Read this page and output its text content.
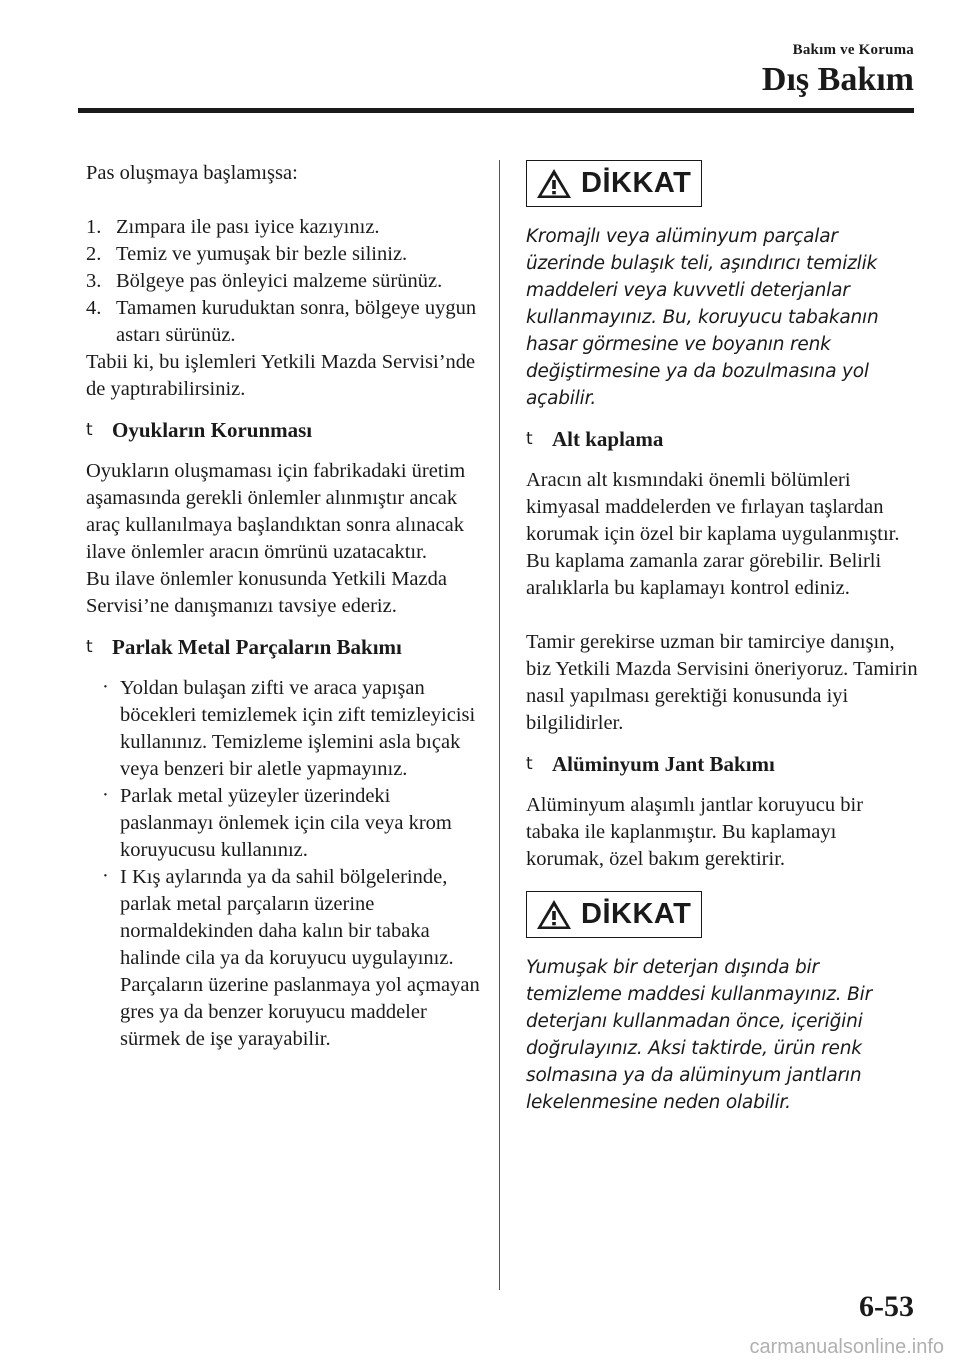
Bakım ve Koruma
Dış Bakım

Pas oluşmaya başlamışsa:

1. Zımpara ile pası iyice kazıyınız.
2. Temiz ve yumuşak bir bezle siliniz.
3. Bölgeye pas önleyici malzeme sürünüz.
4. Tamamen kuruduktan sonra, bölgeye uygun astarı sürünüz.

Tabii ki, bu işlemleri Yetkili Mazda Servisi’nde de yaptırabilirsiniz.

t Oyukların Korunması

Oyukların oluşmaması için fabrikadaki üretim aşamasında gerekli önlemler alınmıştır ancak araç kullanılmaya başlandıktan sonra alınacak ilave önlemler aracın ömrünü uzatacaktır.

Bu ilave önlemler konusunda Yetkili Mazda Servisi’ne danışmanızı tavsiye ederiz.

t Parlak Metal Parçaların Bakımı
· Yoldan bulaşan zifti ve araca yapışan böcekleri temizlemek için zift temizleyicisi kullanınız. Temizleme işlemini asla bıçak veya benzeri bir aletle yapmayınız.
· Parlak metal yüzeyler üzerindeki paslanmayı önlemek için cila veya krom koruyucusu kullanınız.
· I Kış aylarında ya da sahil bölgelerinde, parlak metal parçaların üzerine normaldekinden daha kalın bir tabaka halinde cila ya da koruyucu uygulayınız. Parçaların üzerine paslanmaya yol açmayan gres ya da benzer koruyucu maddeler sürmek de işe yarayabilir.
DİKKAT

Kromajlı veya alüminyum parçalar üzerinde bulaşık teli, aşındırıcı temizlik maddeleri veya kuvvetli deterjanlar kullanmayınız. Bu, koruyucu tabakanın hasar görmesine ve boyanın renk değiştirmesine ya da bozulmasına yol açabilir.

t Alt kaplama

Aracın alt kısmındaki önemli bölümleri kimyasal maddelerden ve fırlayan taşlardan korumak için özel bir kaplama uygulanmıştır. Bu kaplama zamanla zarar görebilir. Belirli aralıklarla bu kaplamayı kontrol ediniz.

Tamir gerekirse uzman bir tamirciye danışın, biz Yetkili Mazda Servisini öneriyoruz. Tamirin nasıl yapılması gerektiği konusunda iyi bilgilidirler.

t Alüminyum Jant Bakımı

Alüminyum alaşımlı jantlar koruyucu bir tabaka ile kaplanmıştır. Bu kaplamayı korumak, özel bakım gerektirir.

DİKKAT

Yumuşak bir deterjan dışında bir temizleme maddesi kullanmayınız. Bir deterjanı kullanmadan önce, içeriğini doğrulayınız. Aksi taktirde, ürün renk solmasına ya da alüminyum jantların lekelenmesine neden olabilir.

6-53
carmanualsonline.info
